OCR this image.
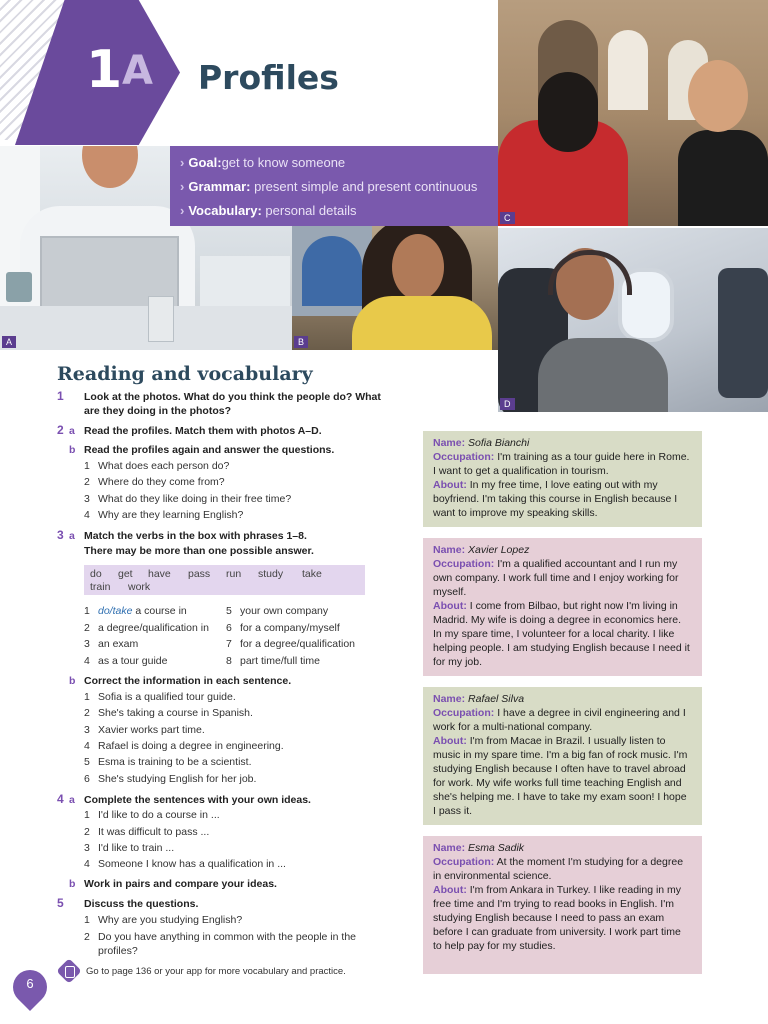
1 A Profiles
A	B
C
D
› Goal:get to know someone
› Grammar: present simple and present continuous
› Vocabulary: personal details
Reading and vocabulary
1 Look at the photos. What do you think the people do? What are they doing in the photos?
2 a Read the profiles. Match them with photos A–D.
b Read the profiles again and answer the questions.
1 What does each person do?
2 Where do they come from?
3 What do they like doing in their free time?
4 Why are they learning English?
3 a Match the verbs in the box with phrases 1–8.
There may be more than one possible answer.
do get have pass run study take
train work
1 do/take a course in
2 a degree/qualification in
3 an exam
4 as a tour guide
5 your own company
6 for a company/myself
7 for a degree/qualification
8 part time/full time
b Correct the information in each sentence.
1 Sofia is a qualified tour guide.
2 She's taking a course in Spanish.
3 Xavier works part time.
4 Rafael is doing a degree in engineering.
5 Esma is training to be a scientist.
6 She's studying English for her job.
4 a Complete the sentences with your own ideas.
1 I'd like to do a course in ...
2 It was difficult to pass ...
3 I'd like to train ...
4 Someone I know has a qualification in ...
b Work in pairs and compare your ideas.
5 Discuss the questions.
1 Why are you studying English?
2 Do you have anything in common with the people in the profiles?
6
Go to page 136 or your app for more vocabulary and practice.

Name: Sofia Bianchi

Occupation: I'm training as a tour guide here in Rome. I want to get a qualification in tourism.

About: In my free time, I love eating out with my boyfriend. I'm taking this course in English because I want to improve my speaking skills.

Name: Xavier Lopez

Occupation: I'm a qualified accountant and I run my own company. I work full time and I enjoy working for myself.

About: I come from Bilbao, but right now I'm living in Madrid. My wife is doing a degree in economics here. In my spare time, I volunteer for a local charity. I like helping people. I am studying English because I need it for my job.

Name: Rafael Silva

Occupation: I have a degree in civil engineering and I work for a multi-national company.

About: I'm from Macae in Brazil. I usually listen to music in my spare time. I'm a big fan of rock music. I'm studying English because I often have to travel abroad for work. My wife works full time teaching English and she's helping me. I have to take my exam soon! I hope I pass it.

Name: Esma Sadik

Occupation: At the moment I'm studying for a degree in environmental science.

About: I'm from Ankara in Turkey. I like reading in my free time and I'm trying to read books in English. I'm studying English because I need to pass an exam before I can graduate from university. I work part time to help pay for my studies.
